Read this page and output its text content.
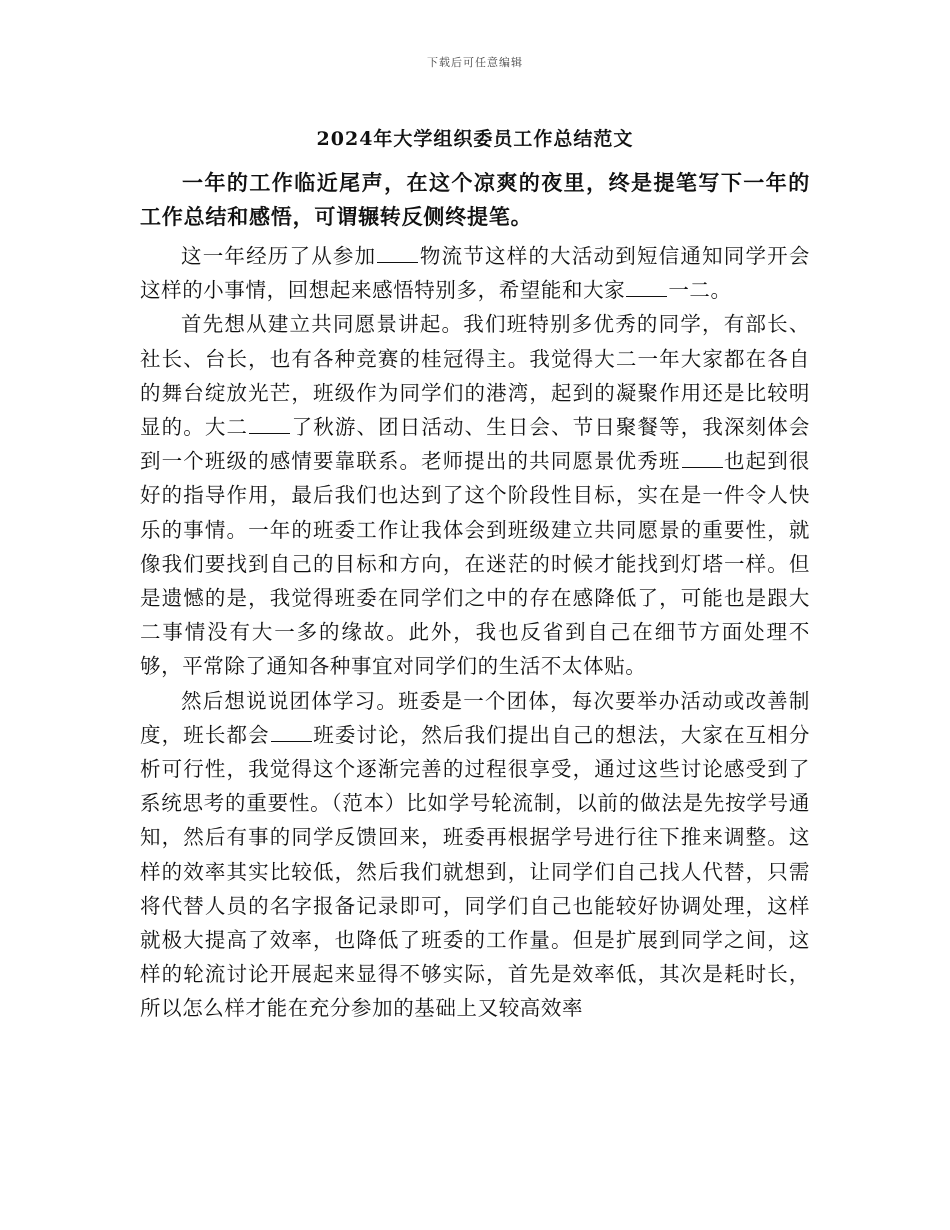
下载后可任意编辑
2024年大学组织委员工作总结范文

一年的工作临近尾声，在这个凉爽的夜里，终是提笔写下一年的工作总结和感悟，可谓辗转反侧终提笔。

这一年经历了从参加 物流节这样的大活动到短信通知同学开会这样的小事情，回想起来感悟特别多，希望能和大家 一二。

首先想从建立共同愿景讲起。我们班特别多优秀的同学，有部长、社长、台长，也有各种竞赛的桂冠得主。我觉得大二一年大家都在各自的舞台绽放光芒，班级作为同学们的港湾，起到的凝聚作用还是比较明显的。大二 了秋游、团日活动、生日会、节日聚餐等，我深刻体会到一个班级的感情要靠联系。老师提出的共同愿景优秀班 也起到很好的指导作用，最后我们也达到了这个阶段性目标，实在是一件令人快乐的事情。一年的班委工作让我体会到班级建立共同愿景的重要性，就像我们要找到自己的目标和方向，在迷茫的时候才能找到灯塔一样。但是遗憾的是，我觉得班委在同学们之中的存在感降低了，可能也是跟大二事情没有大一多的缘故。此外，我也反省到自己在细节方面处理不够，平常除了通知各种事宜对同学们的生活不太体贴。

然后想说说团体学习。班委是一个团体，每次要举办活动或改善制度，班长都会 班委讨论，然后我们提出自己的想法，大家在互相分析可行性，我觉得这个逐渐完善的过程很享受，通过这些讨论感受到了系统思考的重要性。（范本）比如学号轮流制，以前的做法是先按学号通知，然后有事的同学反馈回来，班委再根据学号进行往下推来调整。这样的效率其实比较低，然后我们就想到，让同学们自己找人代替，只需将代替人员的名字报备记录即可，同学们自己也能较好协调处理，这样就极大提高了效率，也降低了班委的工作量。但是扩展到同学之间，这样的轮流讨论开展起来显得不够实际，首先是效率低，其次是耗时长，所以怎么样才能在充分参加的基础上又较高效率
